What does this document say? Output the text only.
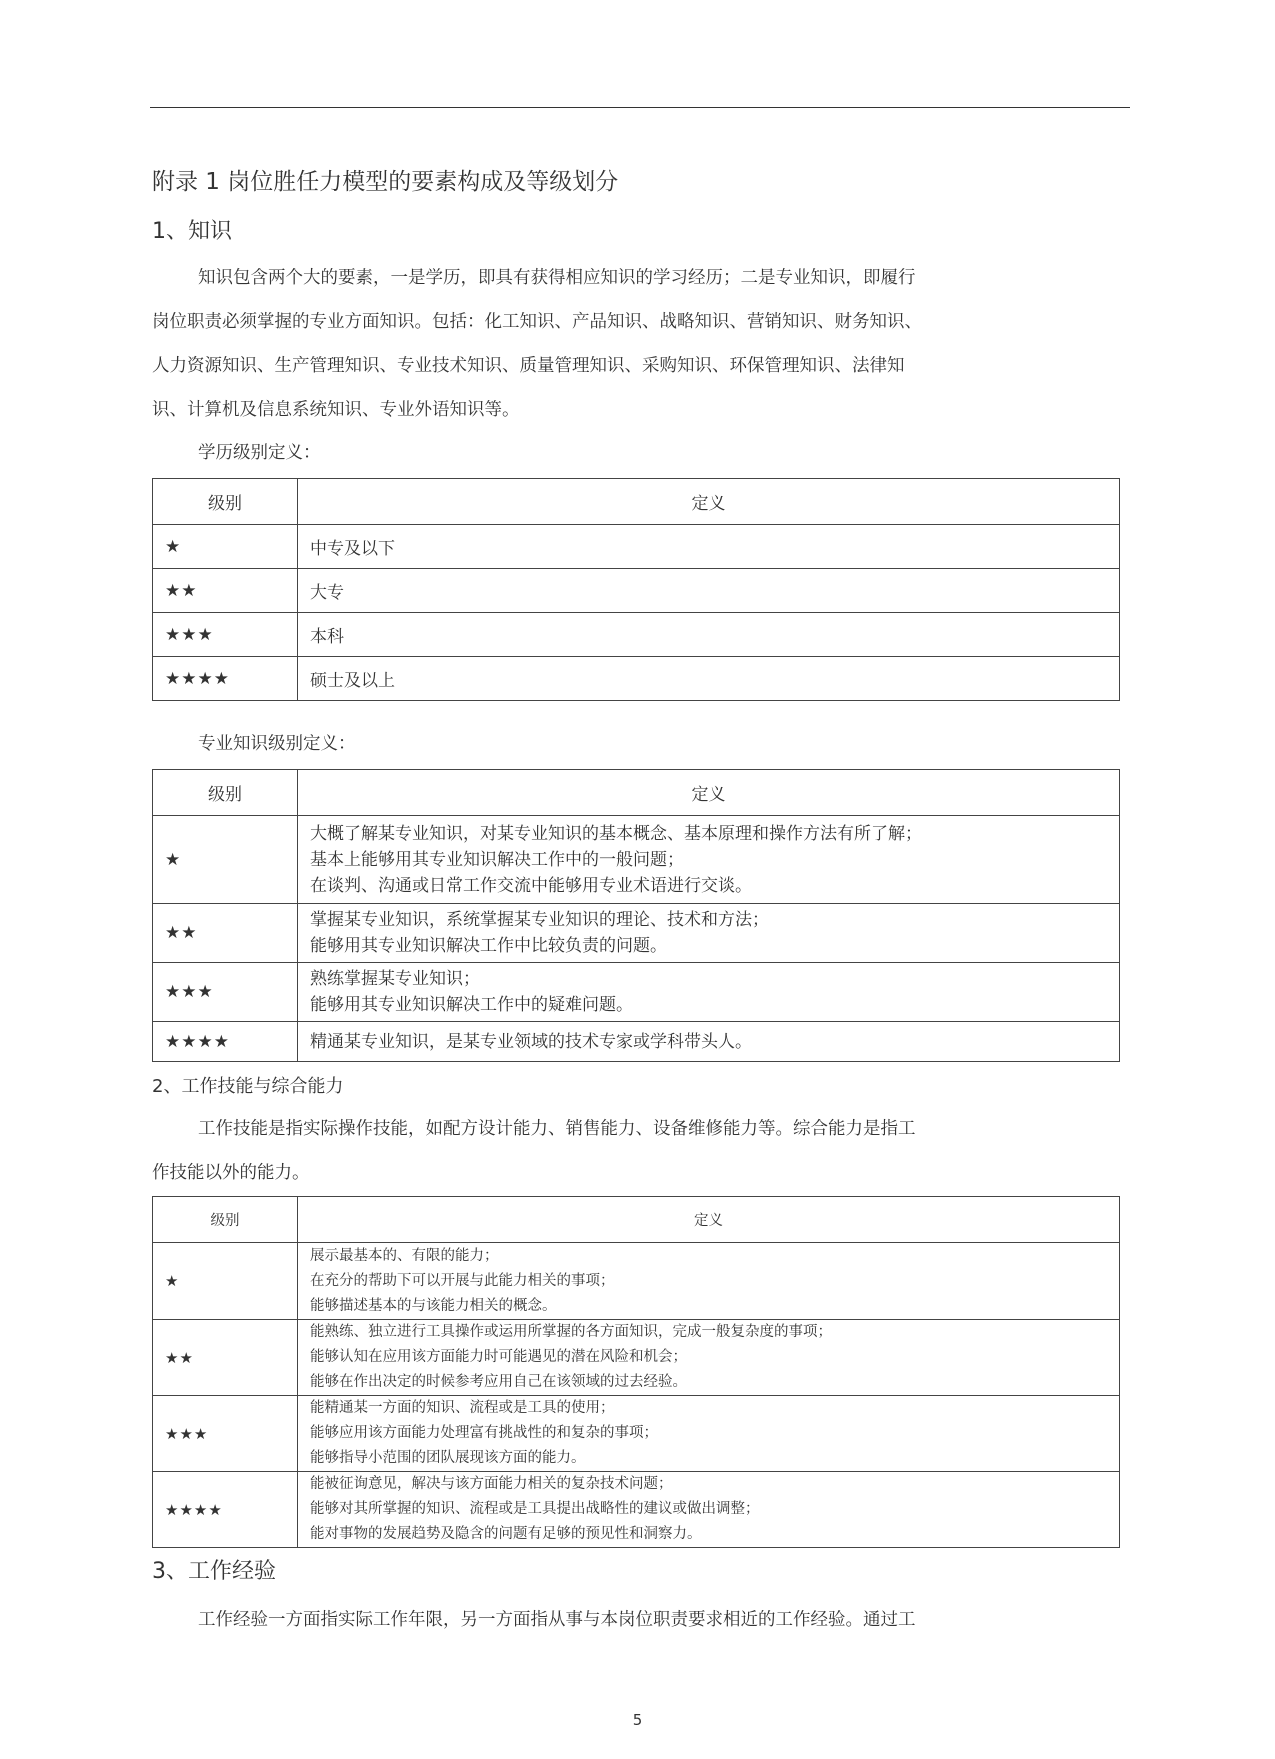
附录 1 岗位胜任力模型的要素构成及等级划分
1、知识
知识包含两个大的要素，一是学历，即具有获得相应知识的学习经历；二是专业知识，即履行
岗位职责必须掌握的专业方面知识。包括：化工知识、产品知识、战略知识、营销知识、财务知识、
人力资源知识、生产管理知识、专业技术知识、质量管理知识、采购知识、环保管理知识、法律知
识、计算机及信息系统知识、专业外语知识等。
学历级别定义：
级别	定义
★	中专及以下
★★	大专
★★★	本科
★★★★	硕士及以上
专业知识级别定义：
级别	定义
★	大概了解某专业知识，对某专业知识的基本概念、基本原理和操作方法有所了解；
基本上能够用其专业知识解决工作中的一般问题；
在谈判、沟通或日常工作交流中能够用专业术语进行交谈。

★★	掌握某专业知识，系统掌握某专业知识的理论、技术和方法；
能够用其专业知识解决工作中比较负责的问题。

★★★	熟练掌握某专业知识；
能够用其专业知识解决工作中的疑难问题。

★★★★	精通某专业知识，是某专业领域的技术专家或学科带头人。
2、工作技能与综合能力
工作技能是指实际操作技能，如配方设计能力、销售能力、设备维修能力等。综合能力是指工
作技能以外的能力。
级别	定义
★	展示最基本的、有限的能力；
在充分的帮助下可以开展与此能力相关的事项；
能够描述基本的与该能力相关的概念。

★★	能熟练、独立进行工具操作或运用所掌握的各方面知识，完成一般复杂度的事项；
能够认知在应用该方面能力时可能遇见的潜在风险和机会；
能够在作出决定的时候参考应用自己在该领域的过去经验。

★★★	能精通某一方面的知识、流程或是工具的使用；
能够应用该方面能力处理富有挑战性的和复杂的事项；
能够指导小范围的团队展现该方面的能力。

★★★★	能被征询意见，解决与该方面能力相关的复杂技术问题；
能够对其所掌握的知识、流程或是工具提出战略性的建议或做出调整；
能对事物的发展趋势及隐含的问题有足够的预见性和洞察力。
3、工作经验
工作经验一方面指实际工作年限，另一方面指从事与本岗位职责要求相近的工作经验。通过工
5
